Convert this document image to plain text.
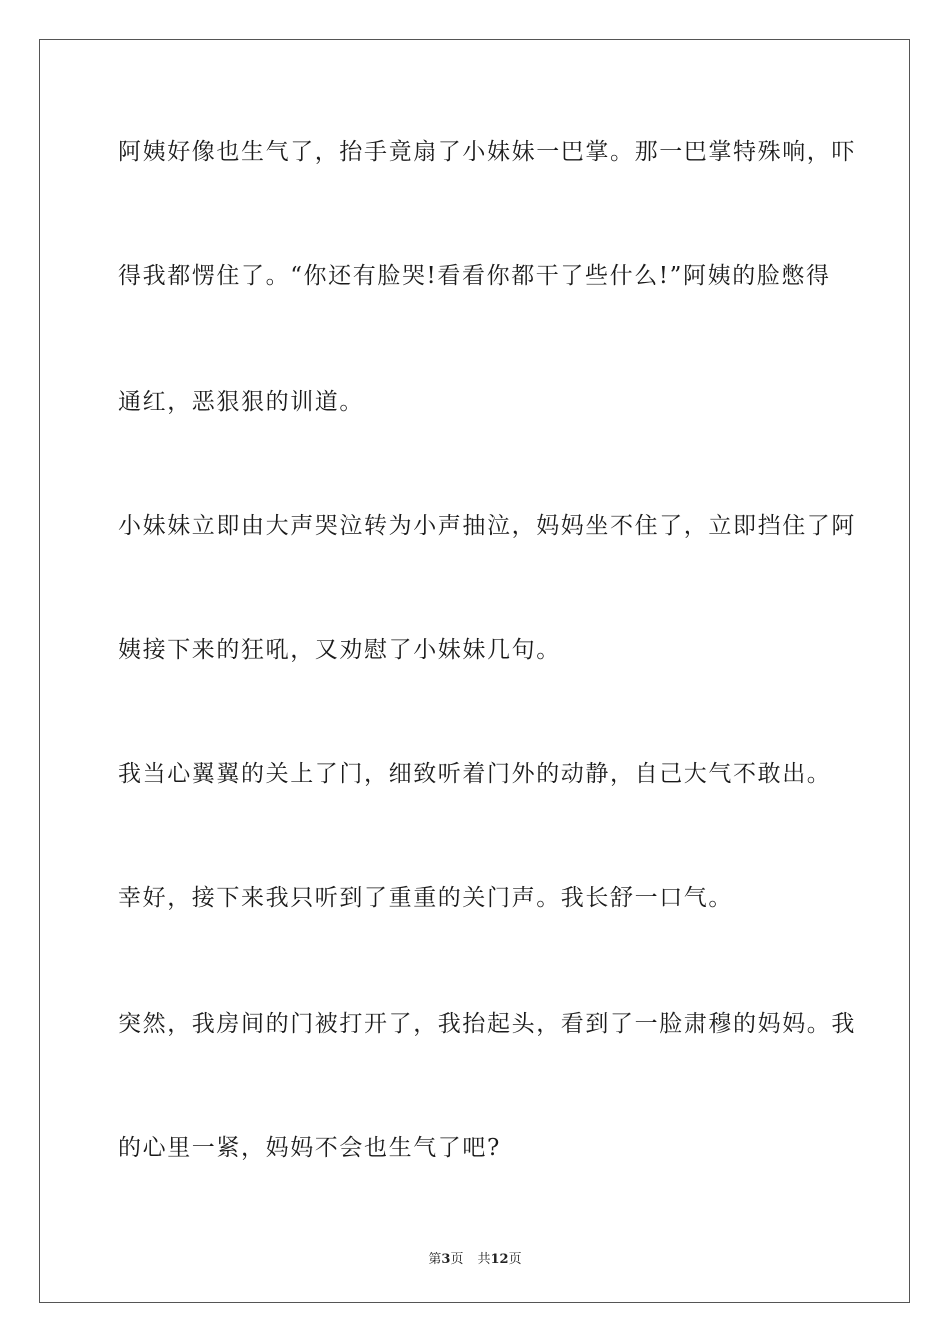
阿姨好像也生气了，抬手竟扇了小妹妹一巴掌。那一巴掌特殊响，吓
得我都愣住了。“你还有脸哭!看看你都干了些什么!”阿姨的脸憋得
通红，恶狠狠的训道。
小妹妹立即由大声哭泣转为小声抽泣，妈妈坐不住了，立即挡住了阿
姨接下来的狂吼，又劝慰了小妹妹几句。
我当心翼翼的关上了门，细致听着门外的动静，自己大气不敢出。
幸好，接下来我只听到了重重的关门声。我长舒一口气。
突然，我房间的门被打开了，我抬起头，看到了一脸肃穆的妈妈。我
的心里一紧，妈妈不会也生气了吧?
第3页 共12页
